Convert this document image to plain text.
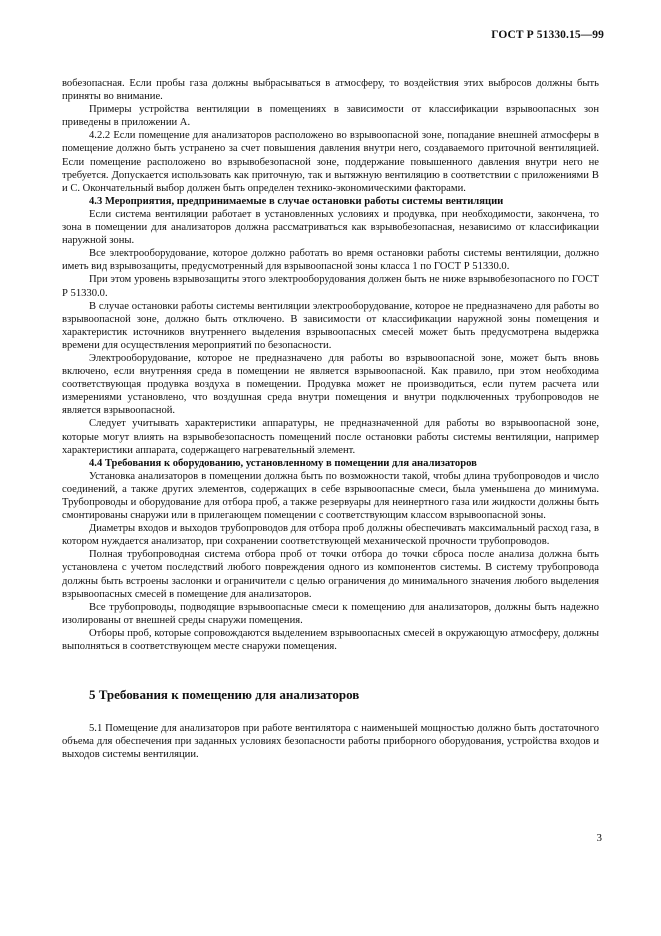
ГОСТ Р 51330.15—99

вобезопасная. Если пробы газа должны выбрасываться в атмосферу, то воздействия этих выбросов должны быть приняты во внимание.

Примеры устройства вентиляции в помещениях в зависимости от классификации взрывоопасных зон приведены в приложении А.

4.2.2 Если помещение для анализаторов расположено во взрывоопасной зоне, попадание внешней атмосферы в помещение должно быть устранено за счет повышения давления внутри него, создаваемого приточной вентиляцией. Если помещение расположено во взрывобезопасной зоне, поддержание повышенного давления внутри него не требуется. Допускается использовать как приточную, так и вытяжную вентиляцию в соответствии с приложениями В и С. Окончательный выбор должен быть определен технико-экономическими факторами.

4.3 Мероприятия, предпринимаемые в случае остановки работы системы вентиляции

Если система вентиляции работает в установленных условиях и продувка, при необходимости, закончена, то зона в помещении для анализаторов должна рассматриваться как взрывобезопасная, независимо от классификации наружной зоны.

Все электрооборудование, которое должно работать во время остановки работы системы вентиляции, должно иметь вид взрывозащиты, предусмотренный для взрывоопасной зоны класса 1 по ГОСТ Р 51330.0.

При этом уровень взрывозащиты этого электрооборудования должен быть не ниже взрывобезопасного по ГОСТ Р 51330.0.

В случае остановки работы системы вентиляции электрооборудование, которое не предназначено для работы во взрывоопасной зоне, должно быть отключено. В зависимости от классификации наружной зоны помещения и характеристик источников внутреннего выделения взрывоопасных смесей может быть предусмотрена выдержка времени для осуществления мероприятий по безопасности.

Электрооборудование, которое не предназначено для работы во взрывоопасной зоне, может быть вновь включено, если внутренняя среда в помещении не является взрывоопасной. Как правило, при этом необходима соответствующая продувка воздуха в помещении. Продувка может не производиться, если путем расчета или измерениями установлено, что воздушная среда внутри помещения и внутри подключенных трубопроводов не является взрывоопасной.

Следует учитывать характеристики аппаратуры, не предназначенной для работы во взрывоопасной зоне, которые могут влиять на взрывобезопасность помещений после остановки работы системы вентиляции, например характеристики аппарата, содержащего нагревательный элемент.

4.4 Требования к оборудованию, установленному в помещении для анализаторов

Установка анализаторов в помещении должна быть по возможности такой, чтобы длина трубопроводов и число соединений, а также других элементов, содержащих в себе взрывоопасные смеси, была уменьшена до минимума. Трубопроводы и оборудование для отбора проб, а также резервуары для неинертного газа или жидкости должны быть смонтированы снаружи или в прилегающем помещении с соответствующим классом взрывоопасной зоны.

Диаметры входов и выходов трубопроводов для отбора проб должны обеспечивать максимальный расход газа, в котором нуждается анализатор, при сохранении соответствующей механической прочности трубопроводов.

Полная трубопроводная система отбора проб от точки отбора до точки сброса после анализа должна быть установлена с учетом последствий любого повреждения одного из компонентов системы. В систему трубопровода должны быть встроены заслонки и ограничители с целью ограничения до минимального значения любого выделения взрывоопасных смесей в помещение для анализаторов.

Все трубопроводы, подводящие взрывоопасные смеси к помещению для анализаторов, должны быть надежно изолированы от внешней среды снаружи помещения.

Отборы проб, которые сопровождаются выделением взрывоопасных смесей в окружающую атмосферу, должны выполняться в соответствующем месте снаружи помещения.

5 Требования к помещению для анализаторов

5.1 Помещение для анализаторов при работе вентилятора с наименьшей мощностью должно быть достаточного объема для обеспечения при заданных условиях безопасности работы приборного оборудования, устройства входов и выходов системы вентиляции.

3
